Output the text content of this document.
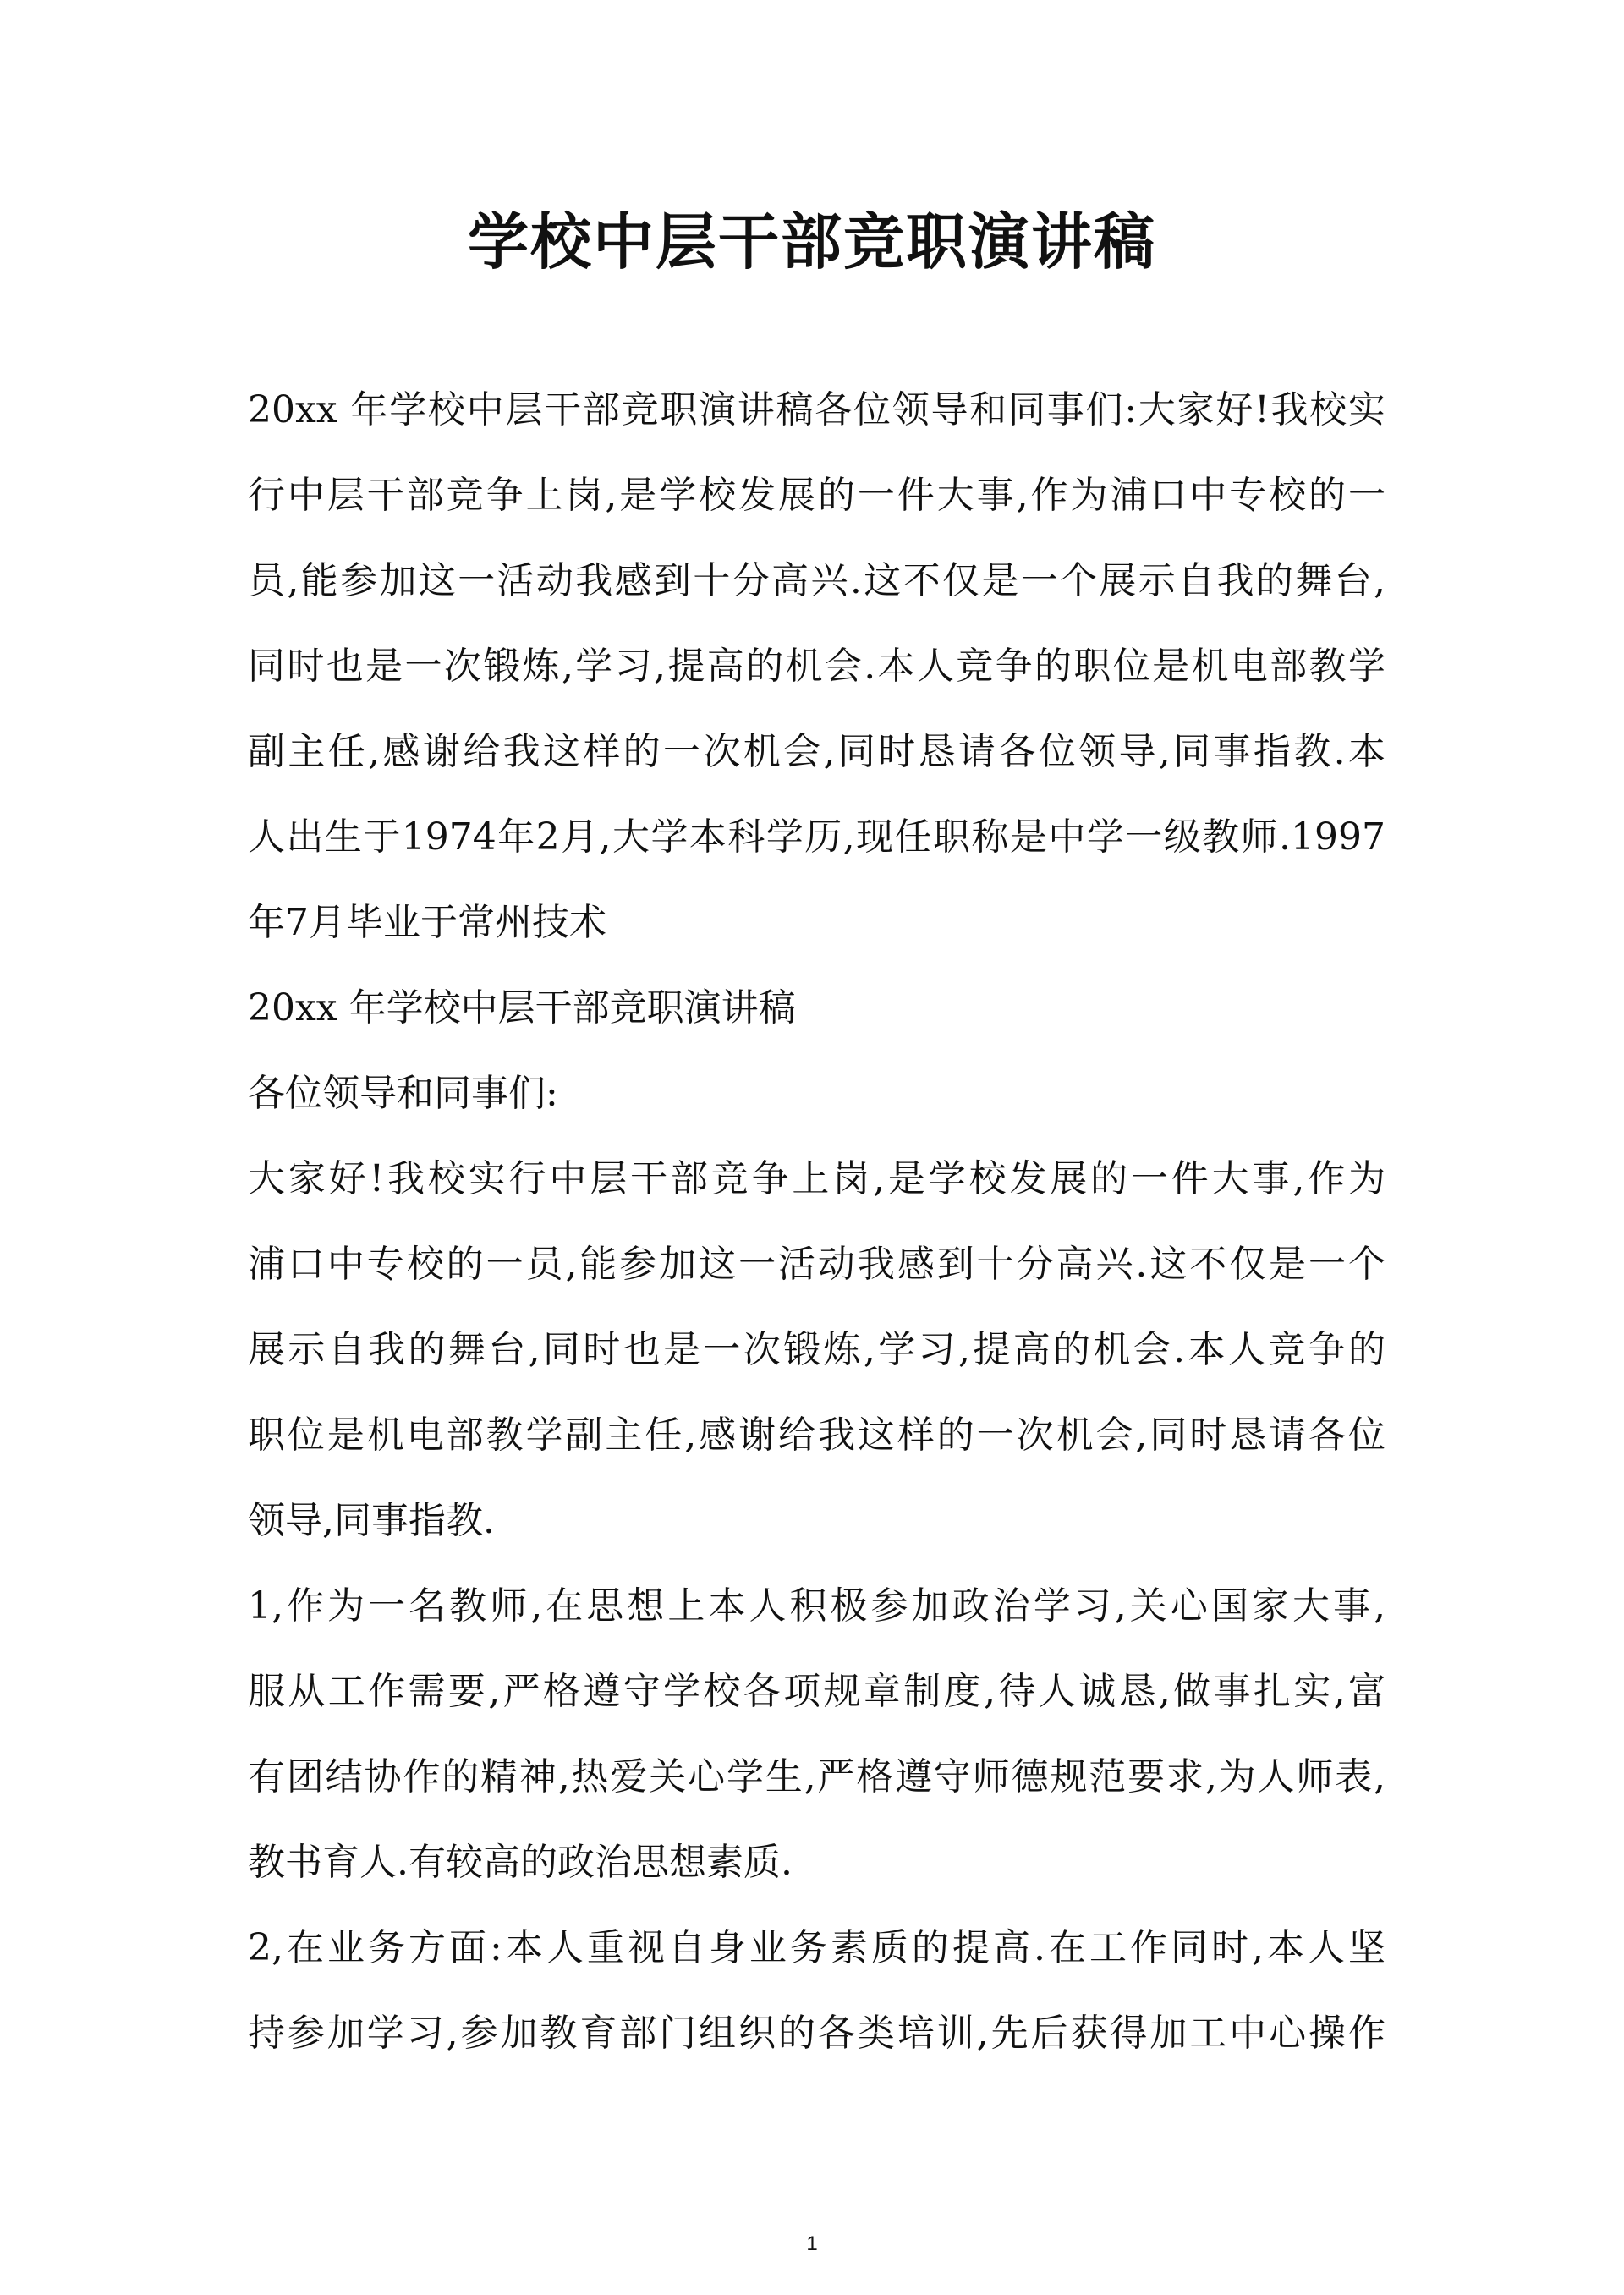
学校中层干部竞职演讲稿
20xx 年学校中层干部竞职演讲稿各位领导和同事们:大家好!我校实
行中层干部竞争上岗,是学校发展的一件大事,作为浦口中专校的一
员,能参加这一活动我感到十分高兴.这不仅是一个展示自我的舞台,
同时也是一次锻炼,学习,提高的机会.本人竞争的职位是机电部教学
副主任,感谢给我这样的一次机会,同时恳请各位领导,同事指教.本
人出生于1974年2月,大学本科学历,现任职称是中学一级教师.1997
年7月毕业于常州技术
20xx 年学校中层干部竞职演讲稿
各位领导和同事们:
大家好!我校实行中层干部竞争上岗,是学校发展的一件大事,作为
浦口中专校的一员,能参加这一活动我感到十分高兴.这不仅是一个
展示自我的舞台,同时也是一次锻炼,学习,提高的机会.本人竞争的
职位是机电部教学副主任,感谢给我这样的一次机会,同时恳请各位
领导,同事指教.
1,作为一名教师,在思想上本人积极参加政治学习,关心国家大事,
服从工作需要,严格遵守学校各项规章制度,待人诚恳,做事扎实,富
有团结协作的精神,热爱关心学生,严格遵守师德规范要求,为人师表,
教书育人.有较高的政治思想素质.
2,在业务方面:本人重视自身业务素质的提高.在工作同时,本人坚
持参加学习,参加教育部门组织的各类培训,先后获得加工中心操作
1
